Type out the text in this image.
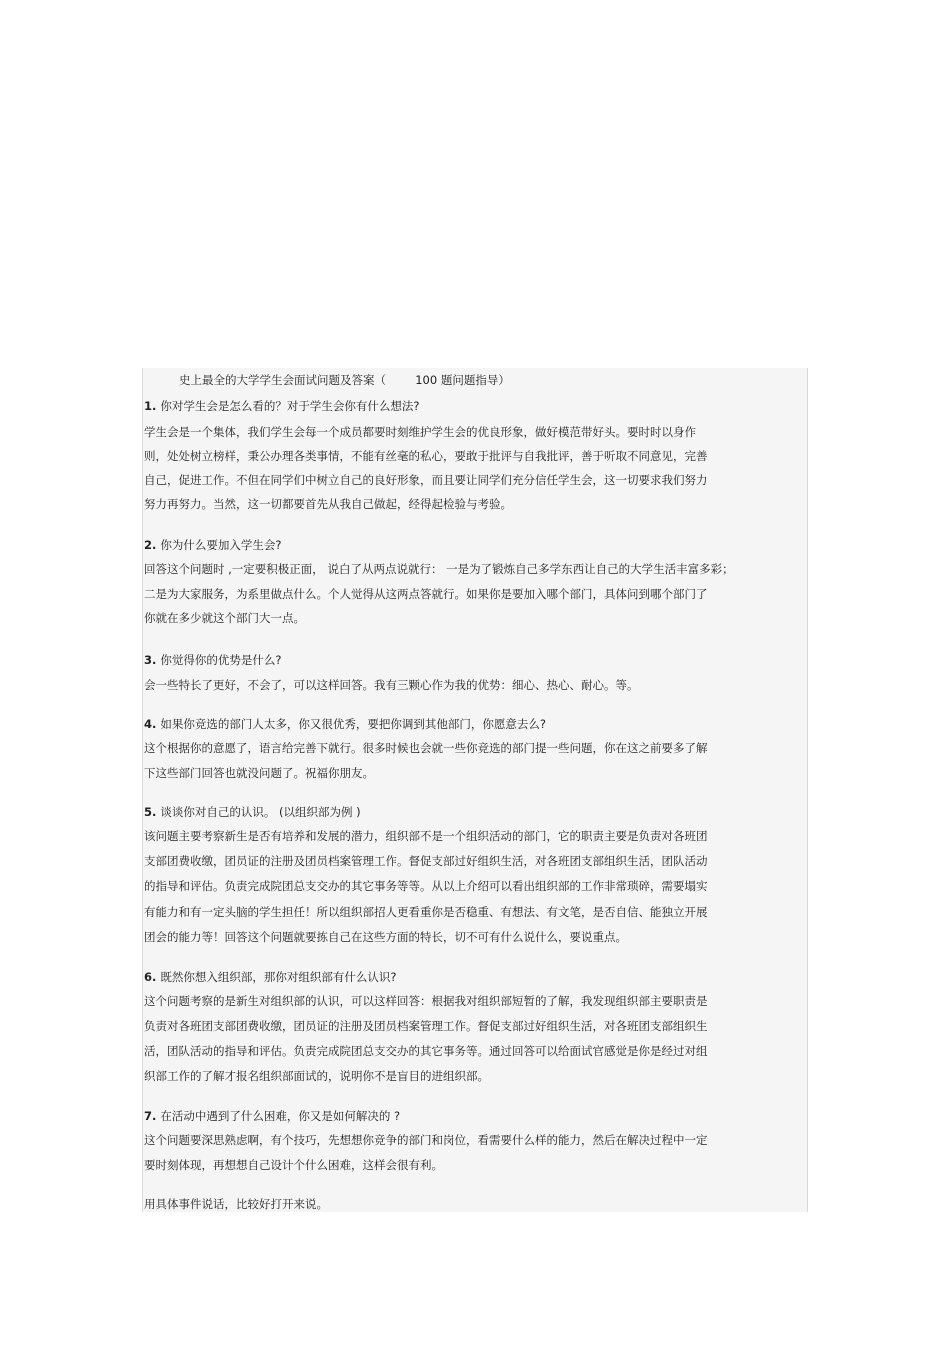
史上最全的大学学生会面试问题及答案（        100 题问题指导）
1. 你对学生会是怎么看的？对于学生会你有什么想法?
学生会是一个集体，我们学生会每一个成员都要时刻维护学生会的优良形象，做好模范带好头。要时时以身作
则，处处树立榜样，秉公办理各类事情，不能有丝毫的私心，要敢于批评与自我批评，善于听取不同意见，完善
自己，促进工作。不但在同学们中树立自己的良好形象，而且要让同学们充分信任学生会，这一切要求我们努力
努力再努力。当然，这一切都要首先从我自己做起，经得起检验与考验。
2. 你为什么要加入学生会?
回答这个问题时 ,一定要积极正面， 说白了从两点说就行： 一是为了锻炼自己多学东西让自己的大学生活丰富多彩；
二是为大家服务，为系里做点什么。个人觉得从这两点答就行。如果你是要加入哪个部门，具体问到哪个部门了
你就在多少就这个部门大一点。
3. 你觉得你的优势是什么?
会一些特长了更好，不会了，可以这样回答。我有三颗心作为我的优势：细心、热心、耐心。等。
4. 如果你竞选的部门人太多，你又很优秀，要把你调到其他部门，你愿意去么?
这个根据你的意愿了，语言给完善下就行。很多时候也会就一些你竞选的部门提一些问题，你在这之前要多了解
下这些部门回答也就没问题了。祝福你朋友。
5. 谈谈你对自己的认识。 (以组织部为例 )
该问题主要考察新生是否有培养和发展的潜力，组织部不是一个组织活动的部门，它的职责主要是负责对各班团
支部团费收缴，团员证的注册及团员档案管理工作。督促支部过好组织生活，对各班团支部组织生活，团队活动
的指导和评估。负责完成院团总支交办的其它事务等等。从以上介绍可以看出组织部的工作非常琐碎，需要塌实
有能力和有一定头脑的学生担任！所以组织部招人更看重你是否稳重、有想法、有文笔，是否自信、能独立开展
团会的能力等！回答这个问题就要拣自己在这些方面的特长，切不可有什么说什么，要说重点。
6. 既然你想入组织部，那你对组织部有什么认识?
这个问题考察的是新生对组织部的认识，可以这样回答：根据我对组织部短暂的了解，我发现组织部主要职责是
负责对各班团支部团费收缴，团员证的注册及团员档案管理工作。督促支部过好组织生活，对各班团支部组织生
活，团队活动的指导和评估。负责完成院团总支交办的其它事务等。通过回答可以给面试官感觉是你是经过对组
织部工作的了解才报名组织部面试的，说明你不是盲目的进组织部。
7. 在活动中遇到了什么困难，你又是如何解决的 ?
这个问题要深思熟虑啊，有个技巧，先想想你竞争的部门和岗位，看需要什么样的能力，然后在解决过程中一定
要时刻体现，再想想自己设计个什么困难，这样会很有利。
用具体事件说话，比较好打开来说。
